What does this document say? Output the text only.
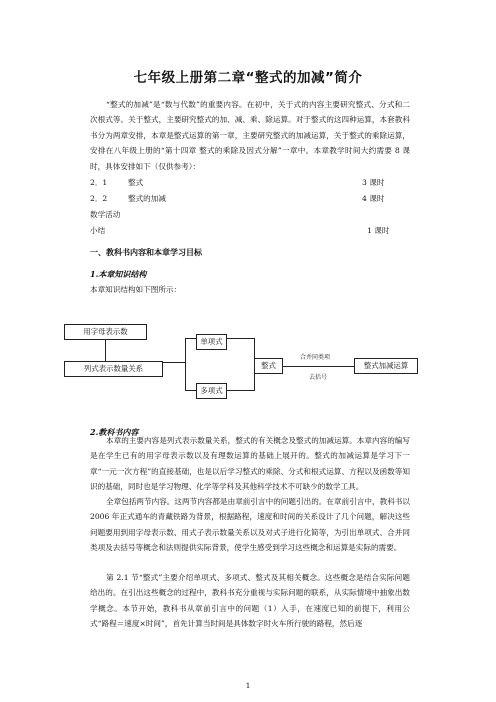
七年级上册第二章“整式的加减”简介
“整式的加减”是“数与代数”的重要内容。在初中，关于式的内容主要研究整式、分式和二次根式等。关于整式，主要研究整式的加、减、乘、除运算。对于整式的这四种运算，本套教科书分为两章安排，本章是整式运算的第一章，主要研究整式的加减运算，关于整式的乘除运算，安排在八年级上册的“第十四章 整式的乘除及因式分解”一章中。本章教学时间大约需要 8 课时，具体安排如下（仅供参考）：
2．1	整式	3 课时
2．2	整式的加减	4 课时
数学活动
小结	1 课时
一、教科书内容和本章学习目标
1.本章知识结构
本章知识结构如下图所示：
用字母表示数
列式表示数量关系
单项式
多项式
整式	整式加减运算
合并同类项
去括号
2.教科书内容
本章的主要内容是列式表示数量关系，整式的有关概念及整式的加减运算。本章内容的编写是在学生已有的用字母表示数以及有理数运算的基础上展开的。整式的加减运算是学习下一章“一元一次方程”的直接基础，也是以后学习整式的乘除、分式和根式运算、方程以及函数等知识的基础，同时也是学习物理、化学等学科及其他科学技术不可缺少的数学工具。
全章包括两节内容。这两节内容都是由章前引言中的问题引出的。在章前引言中，教科书以 2006 年正式通车的青藏铁路为背景，根据路程，速度和时间的关系设计了几个问题，解决这些问题要用到用字母表示数、用式子表示数量关系以及对式子进行化简等，为引出单项式、合并同类项及去括号等概念和法则提供实际背景，使学生感受到学习这些概念和运算是实际的需要。
第 2.1 节“整式”主要介绍单项式、多项式、整式及其相关概念。这些概念是结合实际问题给出的。在引出这些概念的过程中，教科书充分重视与实际问题的联系，从实际情境中抽象出数学概念。本节开始，教科书从章前引言中的问题（1）入手，在速度已知的前提下，利用公式“路程＝速度×时间”，首先计算当时间是具体数字时火车所行驶的路程，然后逐
1
